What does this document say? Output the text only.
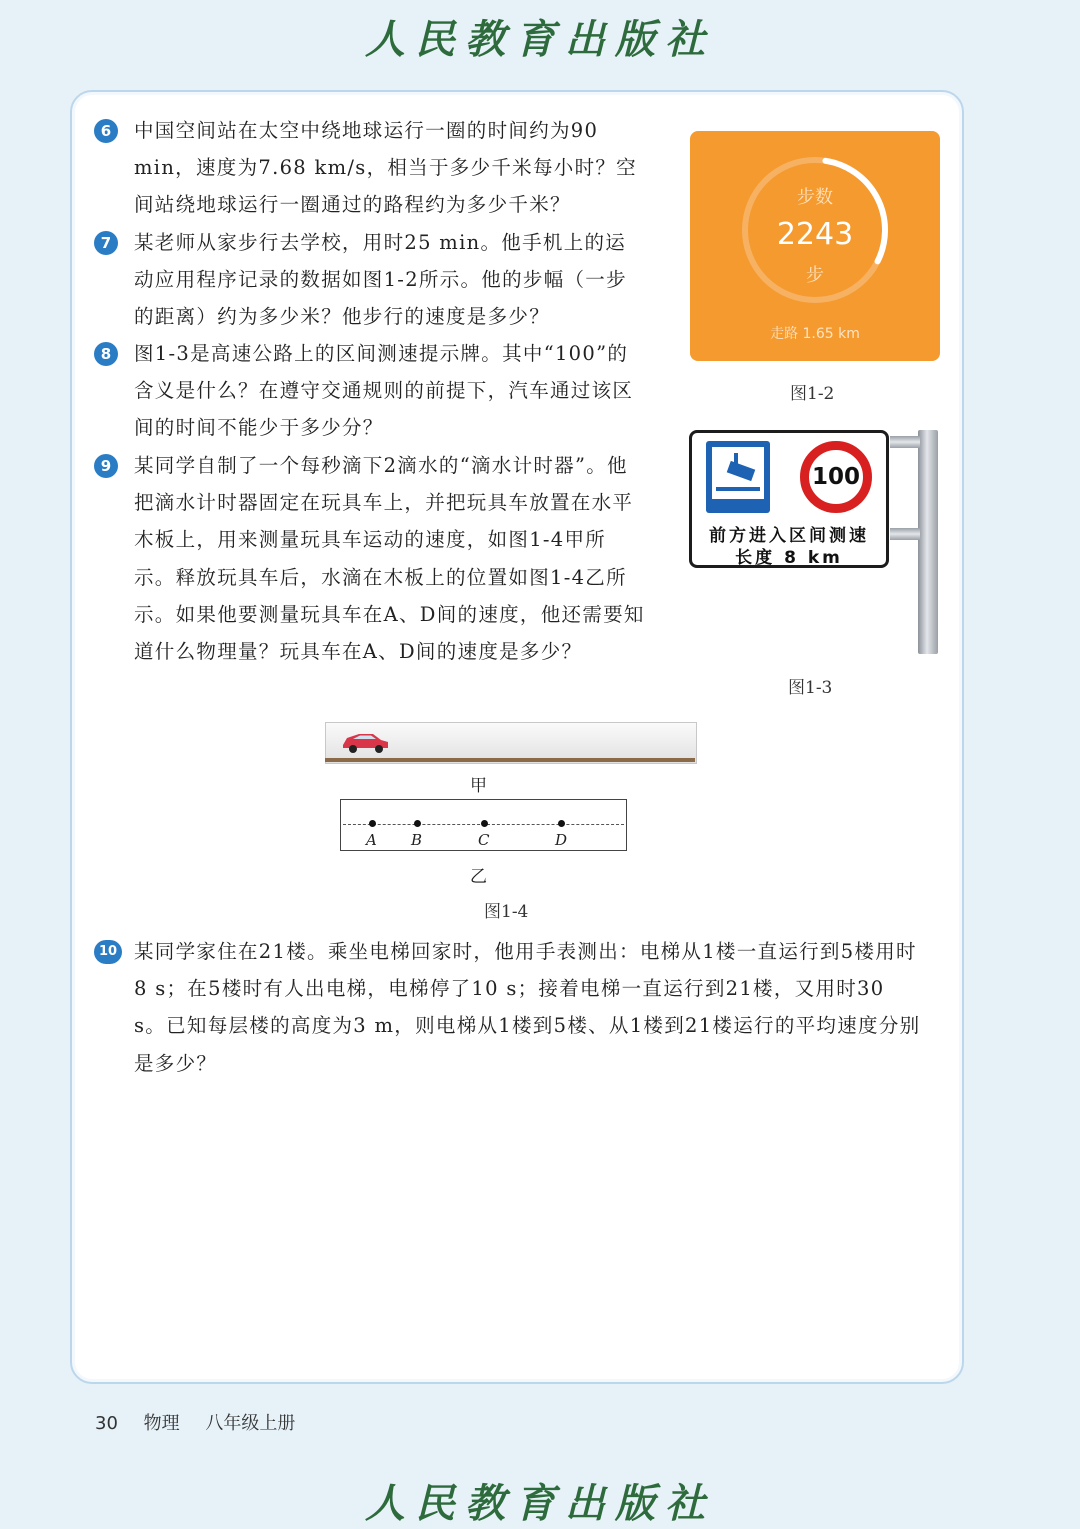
人民教育出版社
6	中国空间站在太空中绕地球运行一圈的时间约为90 min，速度为7.68 km/s，相当于多少千米每小时？空间站绕地球运行一圈通过的路程约为多少千米？
7	某老师从家步行去学校，用时25 min。他手机上的运动应用程序记录的数据如图1-2所示。他的步幅（一步的距离）约为多少米？他步行的速度是多少？
8	图1-3是高速公路上的区间测速提示牌。其中“100”的含义是什么？在遵守交通规则的前提下，汽车通过该区间的时间不能少于多少分？
9	某同学自制了一个每秒滴下2滴水的“滴水计时器”。他把滴水计时器固定在玩具车上，并把玩具车放置在水平木板上，用来测量玩具车运动的速度，如图1-4甲所示。释放玩具车后，水滴在木板上的位置如图1-4乙所示。如果他要测量玩具车在A、D间的速度，他还需要知道什么物理量？玩具车在A、D间的速度是多少？
步数
2243
步
走路 1.65 km
图1-2
100
前方进入区间测速
长度 8 km
图1-3
甲
A B	C	D
乙
图1-4
10 某同学家住在21楼。乘坐电梯回家时，他用手表测出：电梯从1楼一直运行到5楼用时8 s；在5楼时有人出电梯，电梯停了10 s；接着电梯一直运行到21楼，又用时30 s。已知每层楼的高度为3 m，则电梯从1楼到5楼、从1楼到21楼运行的平均速度分别是多少？
30 物理 八年级上册
人民教育出版社
